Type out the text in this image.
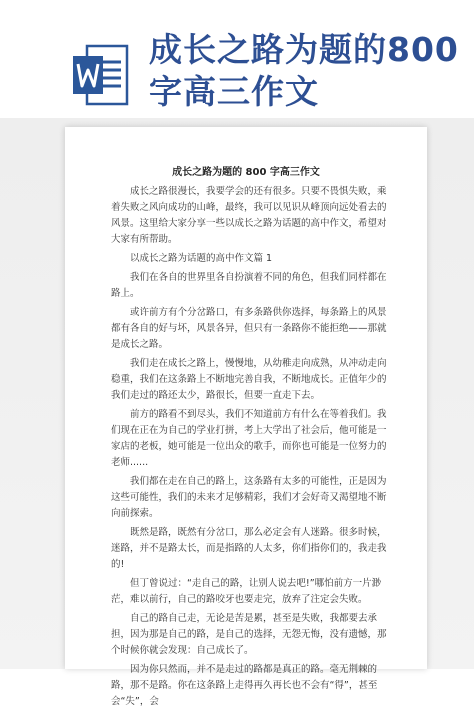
成长之路为题的800字高三作文
成长之路为题的 800 字高三作文

成长之路很漫长，我要学会的还有很多。只要不畏惧失败，乘着失败之风向成功的山峰，最终，我可以见识从峰顶向远处看去的风景。这里给大家分享一些以成长之路为话题的高中作文，希望对大家有所帮助。

以成长之路为话题的高中作文篇 1

我们在各自的世界里各自扮演着不同的角色，但我们同样都在路上。

或许前方有个分岔路口，有多条路供你选择，每条路上的风景都有各自的好与坏，风景各异，但只有一条路你不能拒绝——那就是成长之路。

我们走在成长之路上，慢慢地，从幼稚走向成熟，从冲动走向稳重，我们在这条路上不断地完善自我，不断地成长。正值年少的我们走过的路还太少，路很长，但要一直走下去。

前方的路看不到尽头，我们不知道前方有什么在等着我们。我们现在正在为自己的学业打拼，考上大学出了社会后，他可能是一家店的老板，她可能是一位出众的歌手，而你也可能是一位努力的老师......

我们都在走在自己的路上，这条路有太多的可能性，正是因为这些可能性，我们的未来才足够精彩，我们才会好奇又渴望地不断向前探索。

既然是路，既然有分岔口，那么必定会有人迷路。很多时候，迷路，并不是路太长，而是指路的人太多，你们指你们的，我走我的!

但丁曾说过：“走自己的路，让别人说去吧!”哪怕前方一片渺茫，难以前行，自己的路咬牙也要走完，放弃了注定会失败。

自己的路自己走，无论是苦是累，甚至是失败，我都要去承担，因为那是自己的路，是自己的选择，无怨无悔，没有遗憾，那个时候你就会发现：自己成长了。

因为你只然而，并不是走过的路都是真正的路。毫无荆棘的路，那不是路。你在这条路上走得再久再长也不会有“得”，甚至会“失”，会
